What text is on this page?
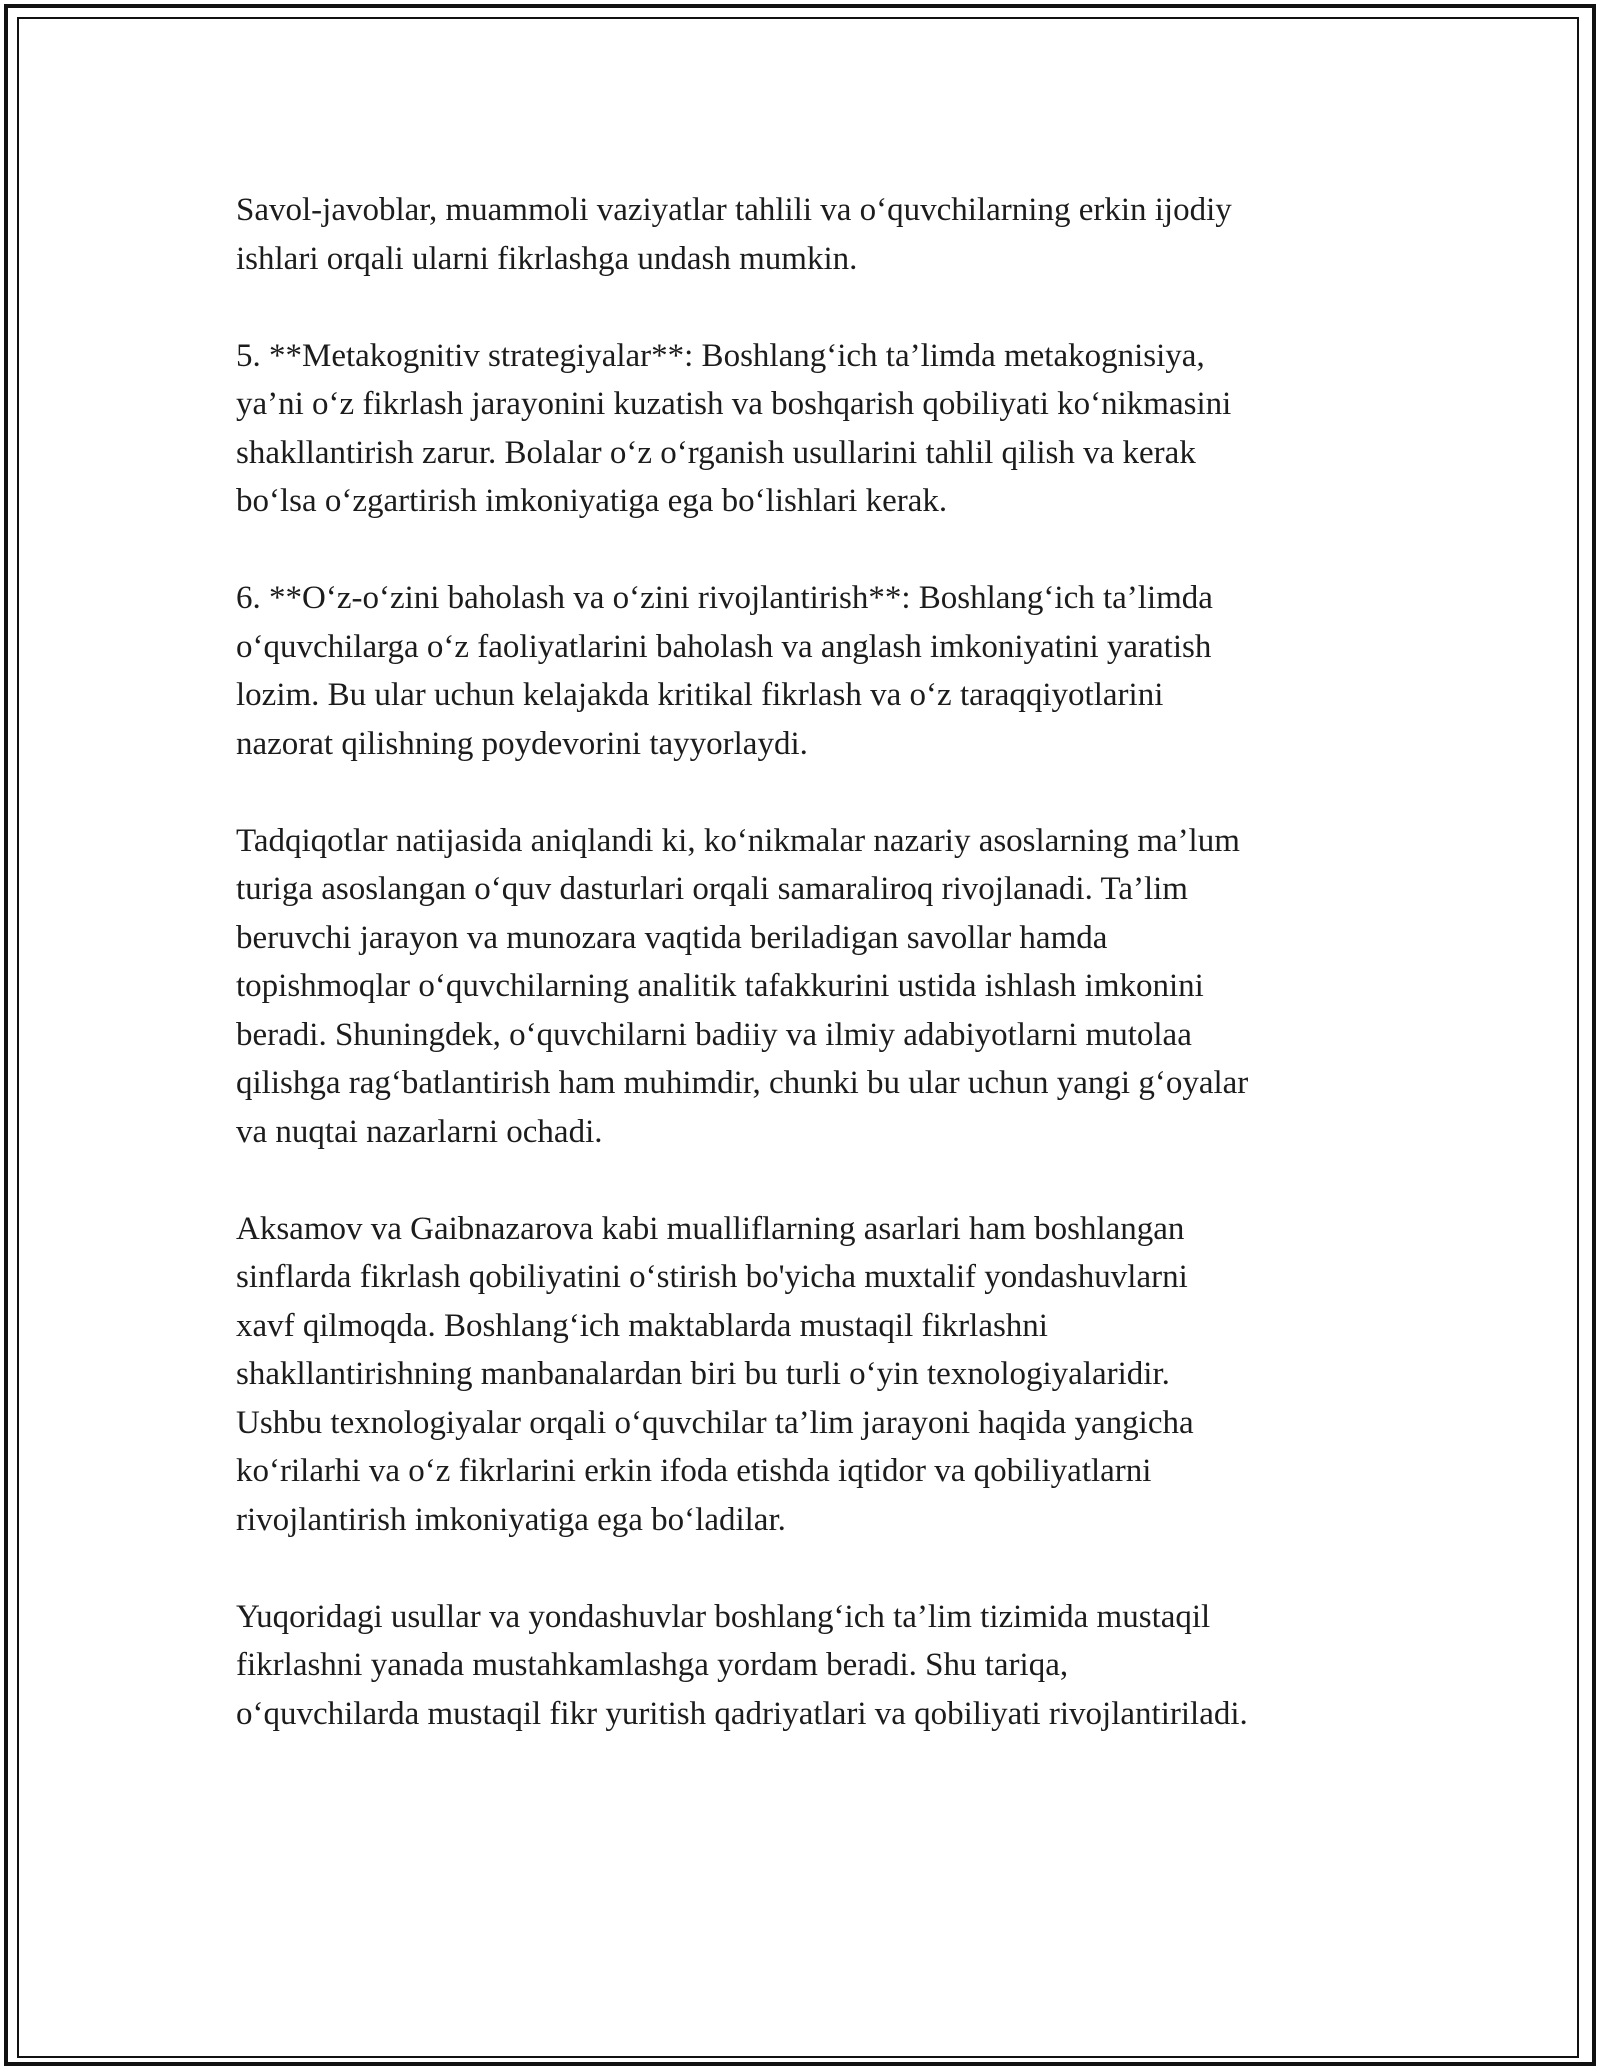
Savol-javoblar, muammoli vaziyatlar tahlili va oʻquvchilarning erkin ijodiy
ishlari orqali ularni fikrlashga undash mumkin.

5. **Metakognitiv strategiyalar**: Boshlangʻich ta’limda metakognisiya,
ya’ni oʻz fikrlash jarayonini kuzatish va boshqarish qobiliyati koʻnikmasini
shakllantirish zarur. Bolalar oʻz oʻrganish usullarini tahlil qilish va kerak
boʻlsa oʻzgartirish imkoniyatiga ega boʻlishlari kerak.

6. **Oʻz-oʻzini baholash va oʻzini rivojlantirish**: Boshlangʻich ta’limda
oʻquvchilarga oʻz faoliyatlarini baholash va anglash imkoniyatini yaratish
lozim. Bu ular uchun kelajakda kritikal fikrlash va oʻz taraqqiyotlarini
nazorat qilishning poydevorini tayyorlaydi.

Tadqiqotlar natijasida aniqlandi ki, koʻnikmalar nazariy asoslarning ma’lum
turiga asoslangan oʻquv dasturlari orqali samaraliroq rivojlanadi. Ta’lim
beruvchi jarayon va munozara vaqtida beriladigan savollar hamda
topishmoqlar oʻquvchilarning analitik tafakkurini ustida ishlash imkonini
beradi. Shuningdek, oʻquvchilarni badiiy va ilmiy adabiyotlarni mutolaa
qilishga ragʻbatlantirish ham muhimdir, chunki bu ular uchun yangi gʻoyalar
va nuqtai nazarlarni ochadi.

Aksamov va Gaibnazarova kabi mualliflarning asarlari ham boshlangan
sinflarda fikrlash qobiliyatini oʻstirish bo'yicha muxtalif yondashuvlarni
xavf qilmoqda. Boshlangʻich maktablarda mustaqil fikrlashni
shakllantirishning manbanalardan biri bu turli oʻyin texnologiyalaridir.
Ushbu texnologiyalar orqali oʻquvchilar ta’lim jarayoni haqida yangicha
koʻrilarhi va oʻz fikrlarini erkin ifoda etishda iqtidor va qobiliyatlarni
rivojlantirish imkoniyatiga ega boʻladilar.

Yuqoridagi usullar va yondashuvlar boshlangʻich ta’lim tizimida mustaqil
fikrlashni yanada mustahkamlashga yordam beradi. Shu tariqa,
oʻquvchilarda mustaqil fikr yuritish qadriyatlari va qobiliyati rivojlantiriladi.
